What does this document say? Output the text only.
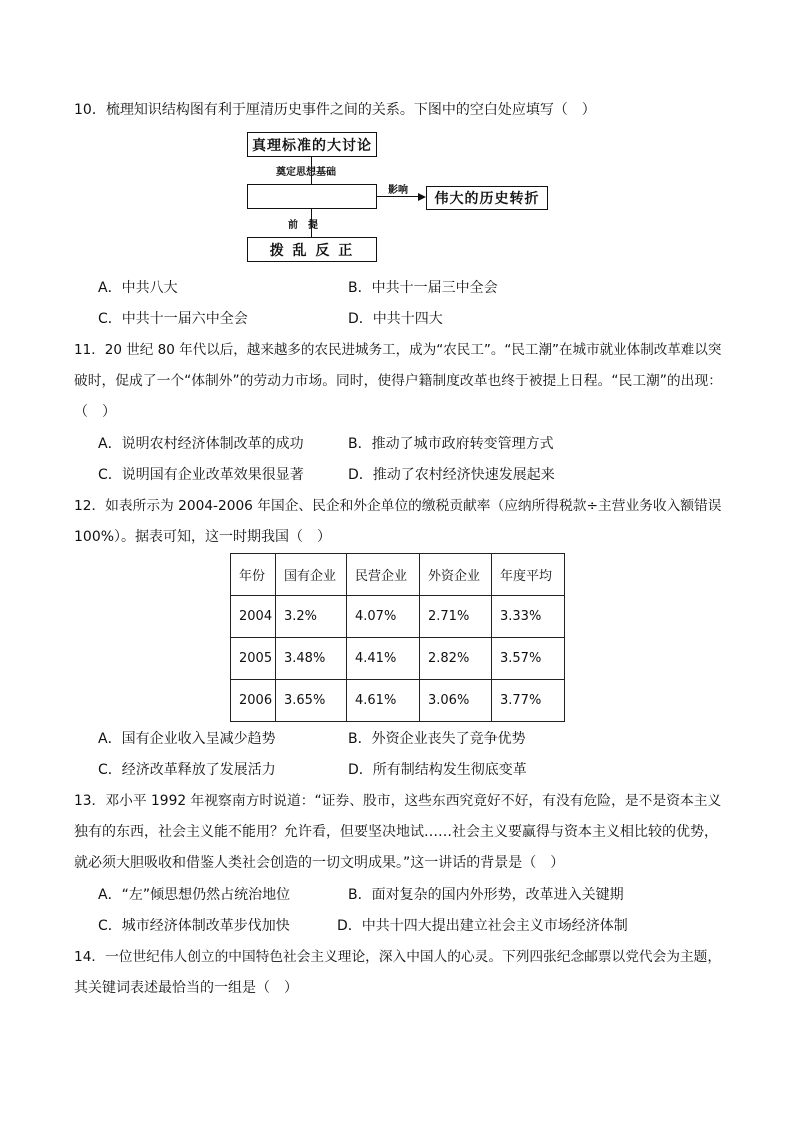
10．梳理知识结构图有利于厘清历史事件之间的关系。下图中的空白处应填写（　）
真理标准的大讨论
奠定思想基础
影响
伟大的历史转折
前　提
拨 乱 反 正
A．中共八大	B．中共十一届三中全会
C．中共十一届六中全会	D．中共十四大
11．20 世纪 80 年代以后，越来越多的农民进城务工，成为“农民工”。“民工潮”在城市就业体制改革难以突
破时，促成了一个“体制外”的劳动力市场。同时，使得户籍制度改革也终于被提上日程。“民工潮”的出现：
（　）
A．说明农村经济体制改革的成功	B．推动了城市政府转变管理方式
C．说明国有企业改革效果很显著	D．推动了农村经济快速发展起来
12．如表所示为 2004-2006 年国企、民企和外企单位的缴税贡献率（应纳所得税款÷主营业务收入额错误
100%）。据表可知，这一时期我国（　）
年份	国有企业	民营企业	外资企业	年度平均
2004	3.2%	4.07%	2.71%	3.33%
2005	3.48%	4.41%	2.82%	3.57%
2006	3.65%	4.61%	3.06%	3.77%
A．国有企业收入呈减少趋势	B．外资企业丧失了竞争优势
C．经济改革释放了发展活力	D．所有制结构发生彻底变革
13．邓小平 1992 年视察南方时说道：“证券、股市，这些东西究竟好不好，有没有危险，是不是资本主义
独有的东西，社会主义能不能用？允许看，但要坚决地试……社会主义要赢得与资本主义相比较的优势，
就必须大胆吸收和借鉴人类社会创造的一切文明成果。”这一讲话的背景是（　）
A．“左”倾思想仍然占统治地位	B．面对复杂的国内外形势，改革进入关键期
C．城市经济体制改革步伐加快	D．中共十四大提出建立社会主义市场经济体制
14．一位世纪伟人创立的中国特色社会主义理论，深入中国人的心灵。下列四张纪念邮票以党代会为主题，
其关键词表述最恰当的一组是（　）
